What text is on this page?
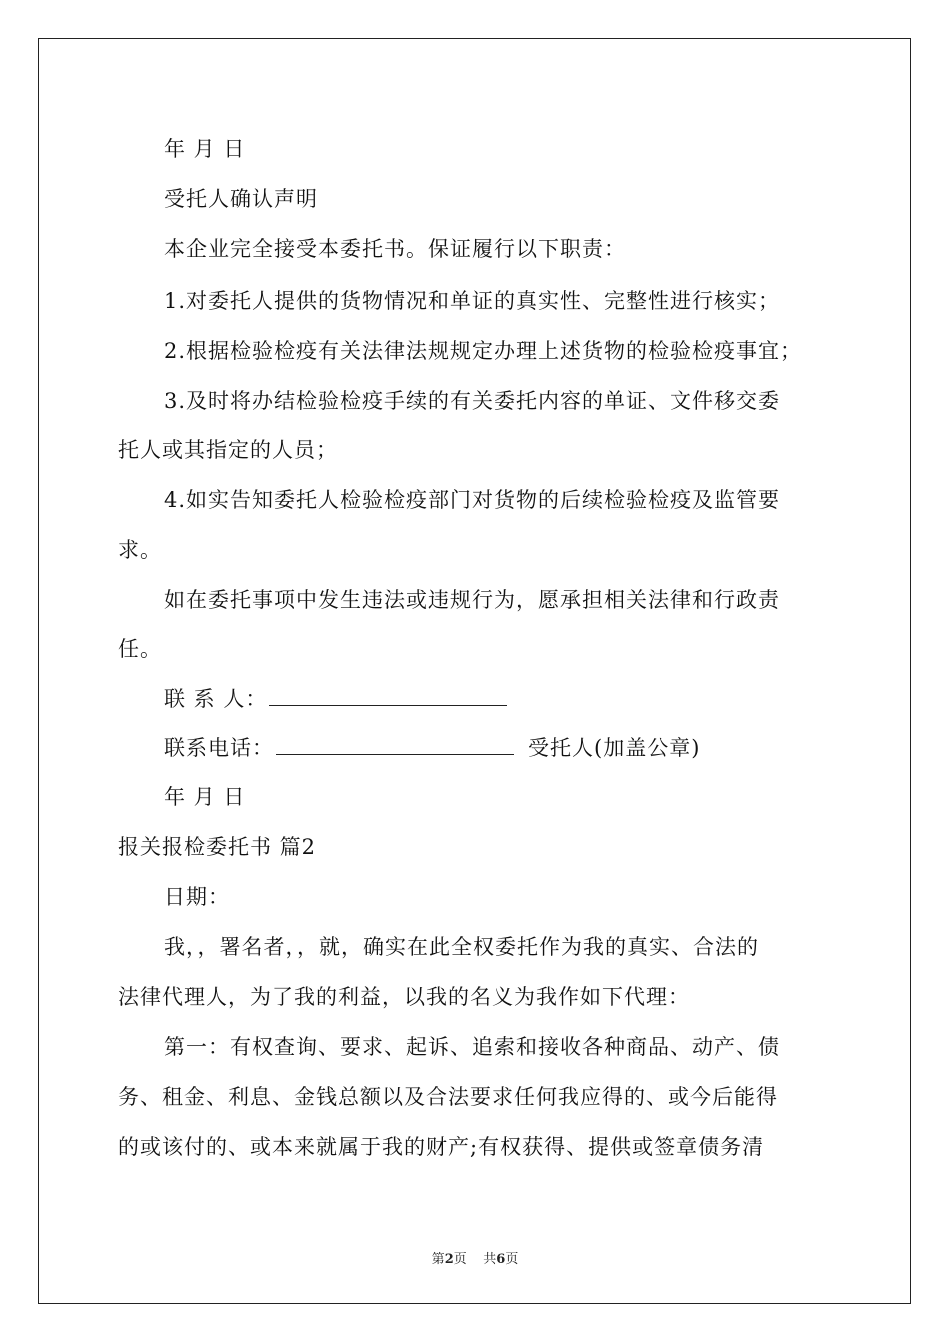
年 月 日
受托人确认声明
本企业完全接受本委托书。保证履行以下职责：
1.对委托人提供的货物情况和单证的真实性、完整性进行核实；
2.根据检验检疫有关法律法规规定办理上述货物的检验检疫事宜；
3.及时将办结检验检疫手续的有关委托内容的单证、文件移交委
托人或其指定的人员；
4.如实告知委托人检验检疫部门对货物的后续检验检疫及监管要
求。
如在委托事项中发生违法或违规行为，愿承担相关法律和行政责
任。
联 系 人：
联系电话：	受托人(加盖公章)
年 月 日
报关报检委托书 篇2
日期：
我，，署名者，，就，确实在此全权委托作为我的真实、合法的
法律代理人，为了我的利益，以我的名义为我作如下代理：
第一：有权查询、要求、起诉、追索和接收各种商品、动产、债
务、租金、利息、金钱总额以及合法要求任何我应得的、或今后能得
的或该付的、或本来就属于我的财产;有权获得、提供或签章债务清
第2页    共6页
